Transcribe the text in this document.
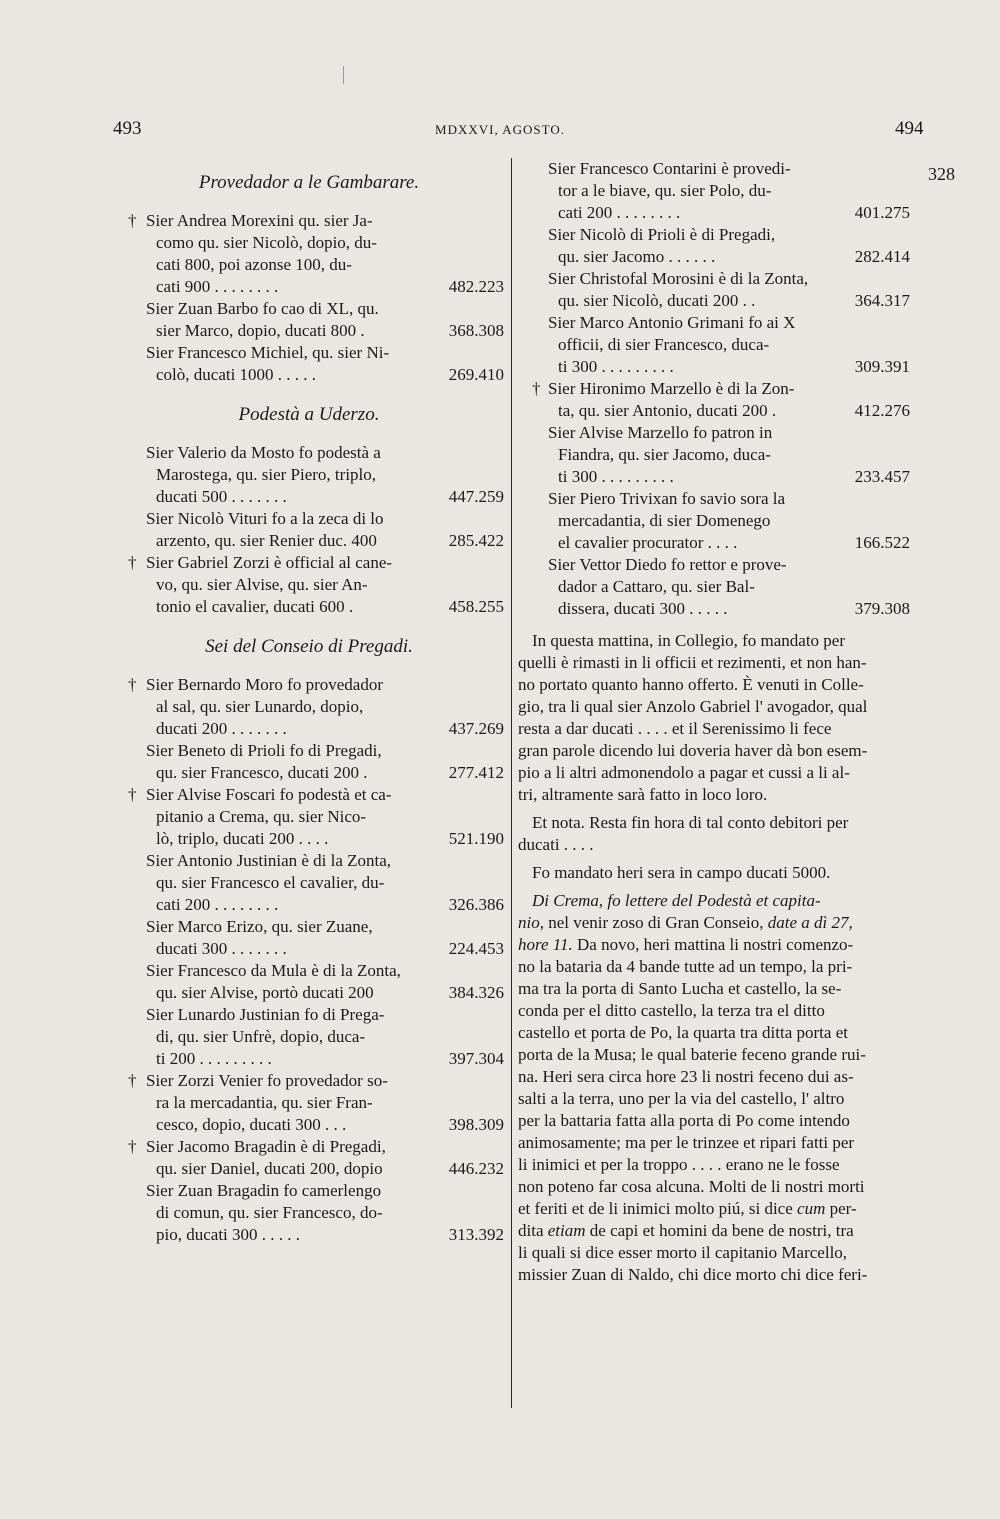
493	MDXXVI, AGOSTO.	494
328
Provedador a le Gambarare.
† Sier Andrea Morexini qu. sier Ja-
como qu. sier Nicolò, dopio, du-
cati 800, poi azonse 100, du-
cati 900 . . . . . . . .	482.223
Sier Zuan Barbo fo cao di XL, qu.
sier Marco, dopio, ducati 800 .	368.308
Sier Francesco Michiel, qu. sier Ni-
colò, ducati 1000 . . . . .	269.410
Podestà a Uderzo.
Sier Valerio da Mosto fo podestà a
Marostega, qu. sier Piero, triplo,
ducati 500 . . . . . . .	447.259
Sier Nicolò Vituri fo a la zeca di lo
arzento, qu. sier Renier duc. 400	285.422
† Sier Gabriel Zorzi è official al cane-
vo, qu. sier Alvise, qu. sier An-
tonio el cavalier, ducati 600 .	458.255
Sei del Conseio di Pregadi.
† Sier Bernardo Moro fo provedador
al sal, qu. sier Lunardo, dopio,
ducati 200 . . . . . . .	437.269
Sier Beneto di Prioli fo di Pregadi,
qu. sier Francesco, ducati 200 .	277.412
† Sier Alvise Foscari fo podestà et ca-
pitanio a Crema, qu. sier Nico-
lò, triplo, ducati 200 . . . .	521.190
Sier Antonio Justinian è di la Zonta,
qu. sier Francesco el cavalier, du-
cati 200 . . . . . . . .	326.386
Sier Marco Erizo, qu. sier Zuane,
ducati 300 . . . . . . .	224.453
Sier Francesco da Mula è di la Zonta,
qu. sier Alvise, portò ducati 200	384.326
Sier Lunardo Justinian fo di Prega-
di, qu. sier Unfrè, dopio, duca-
ti 200 . . . . . . . . .	397.304
† Sier Zorzi Venier fo provedador so-
ra la mercadantia, qu. sier Fran-
cesco, dopio, ducati 300 . . .	398.309
† Sier Jacomo Bragadin è di Pregadi,
qu. sier Daniel, ducati 200, dopio	446.232
Sier Zuan Bragadin fo camerlengo
di comun, qu. sier Francesco, do-
pio, ducati 300 . . . . .	313.392
Sier Francesco Contarini è provedi-
tor a le biave, qu. sier Polo, du-
cati 200 . . . . . . . .	401.275
Sier Nicolò di Prioli è di Pregadi,
qu. sier Jacomo . . . . . .	282.414
Sier Christofal Morosini è di la Zonta,
qu. sier Nicolò, ducati 200 . .	364.317
Sier Marco Antonio Grimani fo ai X
officii, di sier Francesco, duca-
ti 300 . . . . . . . . .	309.391
† Sier Hironimo Marzello è di la Zon-
ta, qu. sier Antonio, ducati 200 .	412.276
Sier Alvise Marzello fo patron in
Fiandra, qu. sier Jacomo, duca-
ti 300 . . . . . . . . .	233.457
Sier Piero Trivixan fo savio sora la
mercadantia, di sier Domenego
el cavalier procurator . . . .	166.522
Sier Vettor Diedo fo rettor e prove-
dador a Cattaro, qu. sier Bal-
dissera, ducati 300 . . . . .	379.308
In questa mattina, in Collegio, fo mandato per
quelli è rimasti in li officii et rezimenti, et non han-
no portato quanto hanno offerto. È venuti in Colle-
gio, tra li qual sier Anzolo Gabriel l' avogador, qual
resta a dar ducati . . . . et il Serenissimo li fece
gran parole dicendo lui doveria haver dà bon esem-
pio a li altri admonendolo a pagar et cussi a li al-
tri, altramente sarà fatto in loco loro.
Et nota. Resta fin hora di tal conto debitori per
ducati . . . .
Fo mandato heri sera in campo ducati 5000.
Di Crema, fo lettere del Podestà et capita-
nio, nel venir zoso di Gran Conseio, date a dì 27,
hore 11. Da novo, heri mattina li nostri comenzo-
no la bataria da 4 bande tutte ad un tempo, la pri-
ma tra la porta di Santo Lucha et castello, la se-
conda per el ditto castello, la terza tra el ditto
castello et porta de Po, la quarta tra ditta porta et
porta de la Musa; le qual baterie feceno grande rui-
na. Heri sera circa hore 23 li nostri feceno dui as-
salti a la terra, uno per la via del castello, l' altro
per la battaria fatta alla porta di Po come intendo
animosamente; ma per le trinzee et ripari fatti per
li inimici et per la troppo . . . . erano ne le fosse
non poteno far cosa alcuna. Molti de li nostri morti
et feriti et de li inimici molto piú, si dice cum per-
dita etiam de capi et homini da bene de nostri, tra
li quali si dice esser morto il capitanio Marcello,
missier Zuan di Naldo, chi dice morto chi dice feri-
